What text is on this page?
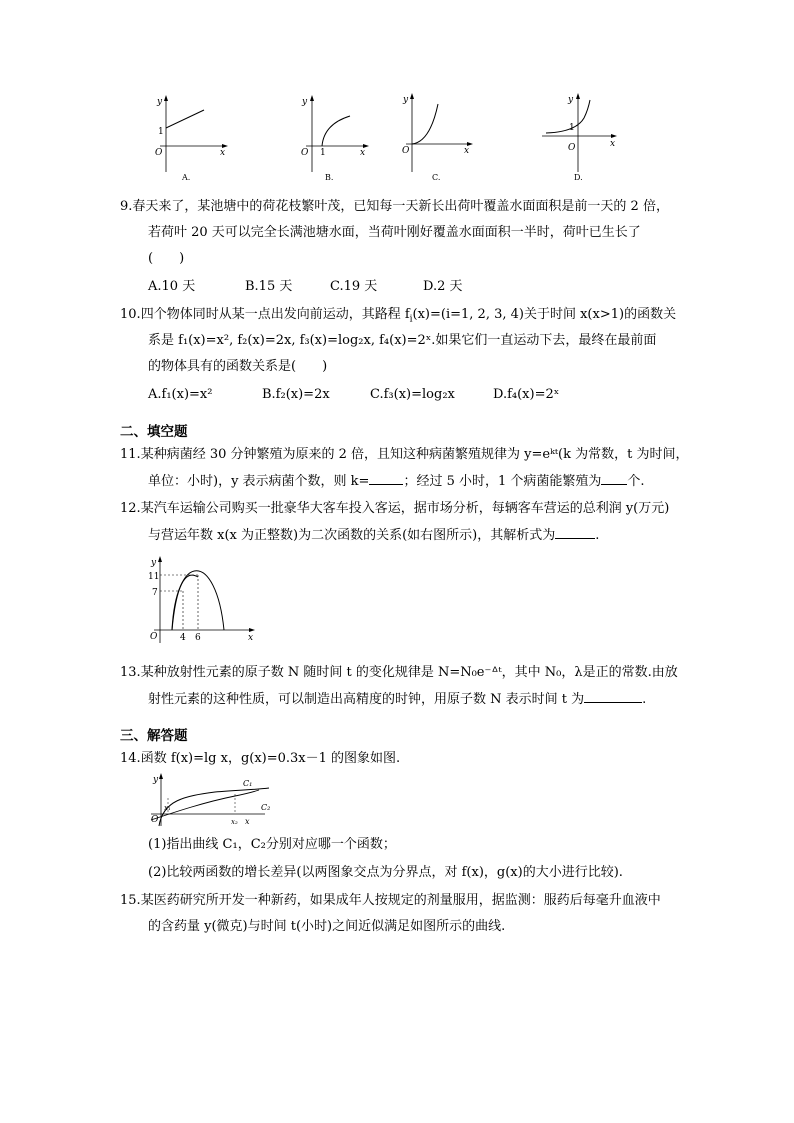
y
x
O
1
A.
y
x
O 1
B.
y
x
O
C.
y
x
O
1
D.
9.春天来了，某池塘中的荷花枝繁叶茂，已知每一天新长出荷叶覆盖水面面积是前一天的 2 倍，
若荷叶 20 天可以完全长满池塘水面，当荷叶刚好覆盖水面面积一半时，荷叶已生长了
(　　)
A.10 天	B.15 天	C.19 天	D.2 天
10.四个物体同时从某一点出发向前运动，其路程 $f_i(x)=(i=1$, 2, 3, 4)关于时间 x(x>1)的函数关
系是 f₁(x)=x², f₂(x)=2x, f₃(x)=log₂x, f₄(x)=2ˣ.如果它们一直运动下去，最终在最前面
的物体具有的函数关系是(　　)
A.f₁(x)=x²	B.f₂(x)=2x	C.f₃(x)=log₂x	D.f₄(x)=2ˣ
二、填空题
11.某种病菌经 30 分钟繁殖为原来的 2 倍，且知这种病菌繁殖规律为 y=eᵏᵗ(k 为常数，t 为时间，
单位：小时)，y 表示病菌个数，则 k=	；经过 5 小时，1 个病菌能繁殖为 个.
12.某汽车运输公司购买一批豪华大客车投入客运，据市场分析，每辆客车营运的总利润 y(万元)
与营运年数 x(x 为正整数)为二次函数的关系(如右图所示)，其解析式为	.
y
x
O
11
7
4 6
13.某种放射性元素的原子数 N 随时间 t 的变化规律是 N=N₀e⁻ᐞᵗ，其中 N₀，λ是正的常数.由放
射性元素的这种性质，可以制造出高精度的时钟，用原子数 N 表示时间 t 为	.
三、解答题
14.函数 f(x)=lg x，g(x)=0.3x－1 的图象如图.
y
O
x₁
x₂ x
C₁
C₂
(1)指出曲线 C₁，C₂分别对应哪一个函数；
(2)比较两函数的增长差异(以两图象交点为分界点，对 f(x)，g(x)的大小进行比较).
15.某医药研究所开发一种新药，如果成年人按规定的剂量服用，据监测：服药后每毫升血液中
的含药量 y(微克)与时间 t(小时)之间近似满足如图所示的曲线.
